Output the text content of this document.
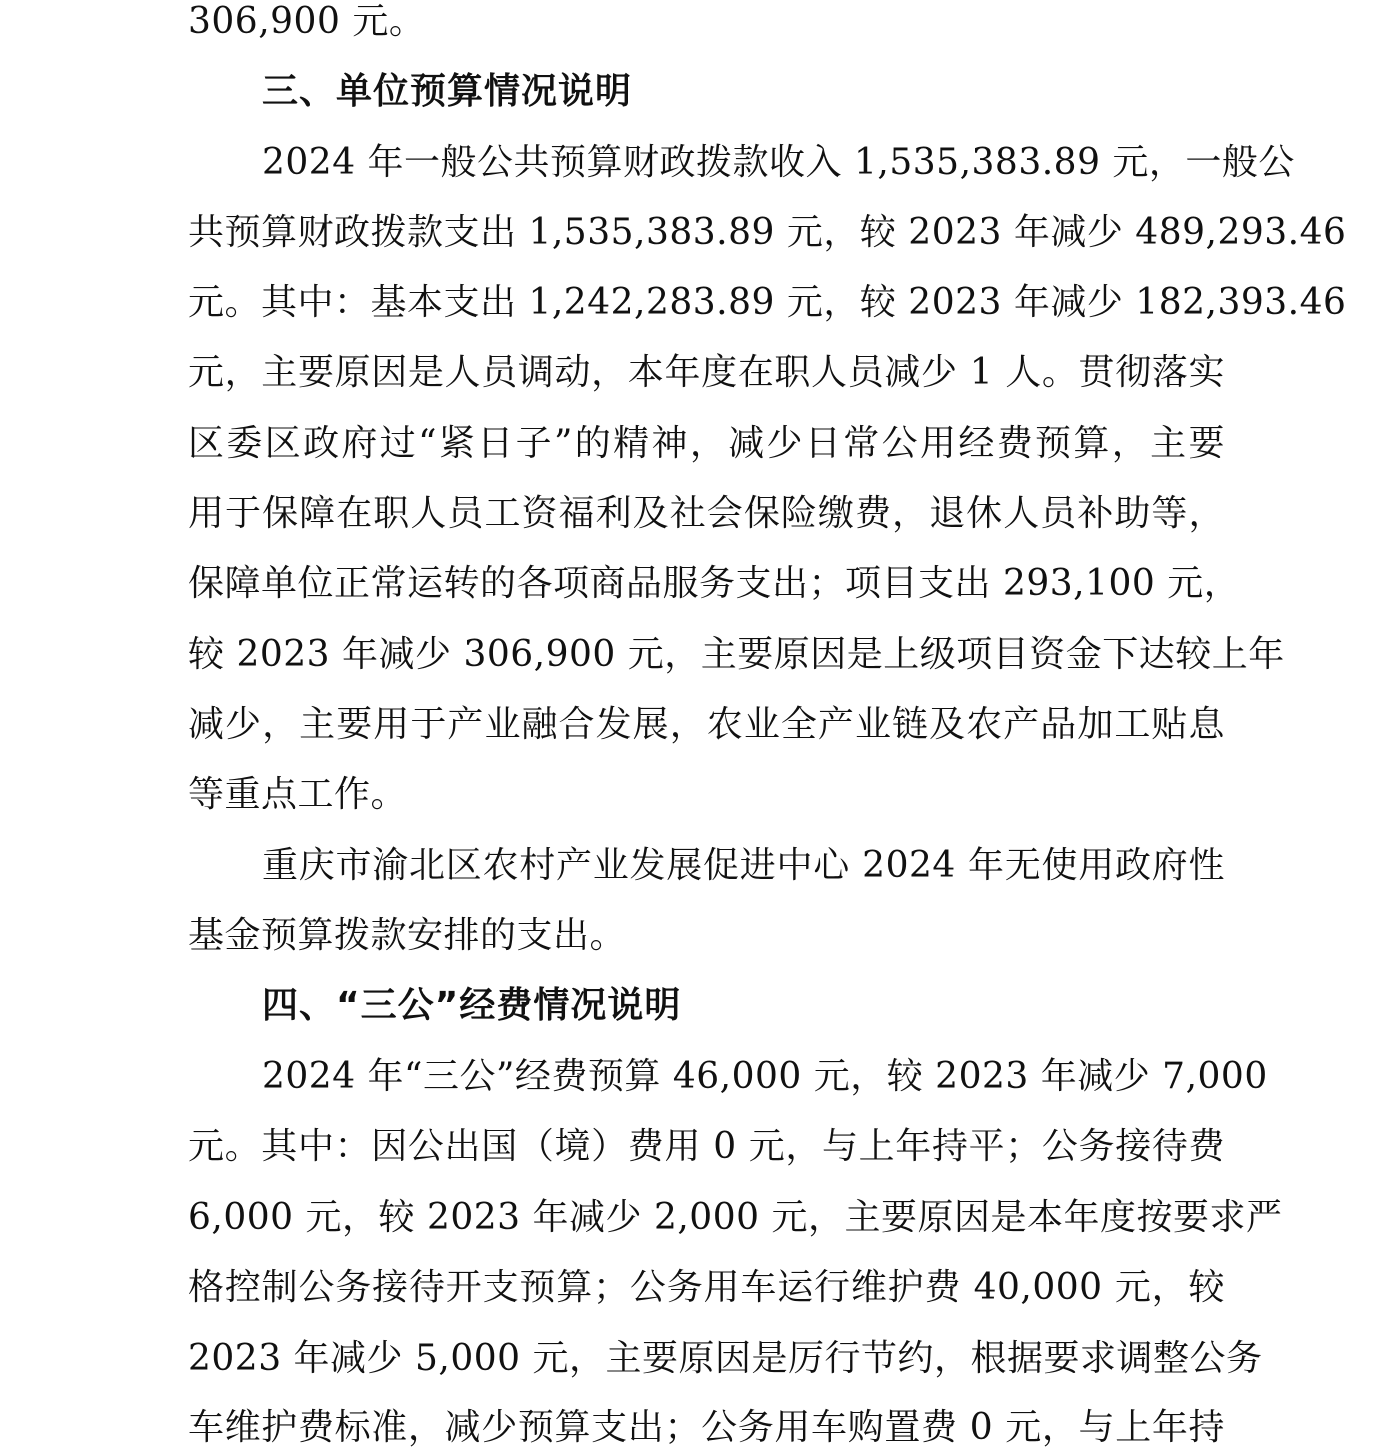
306,900 元。
三、单位预算情况说明
2024 年一般公共预算财政拨款收入 1,535,383.89 元，一般公
共预算财政拨款支出 1,535,383.89 元，较 2023 年减少 489,293.46
元。其中：基本支出 1,242,283.89 元，较 2023 年减少 182,393.46
元，主要原因是人员调动，本年度在职人员减少 1 人。贯彻落实
区委区政府过“紧日子”的精神，减少日常公用经费预算，主要
用于保障在职人员工资福利及社会保险缴费，退休人员补助等，
保障单位正常运转的各项商品服务支出；项目支出 293,100 元，
较 2023 年减少 306,900 元，主要原因是上级项目资金下达较上年
减少，主要用于产业融合发展，农业全产业链及农产品加工贴息
等重点工作。
重庆市渝北区农村产业发展促进中心 2024 年无使用政府性
基金预算拨款安排的支出。
四、“三公”经费情况说明
2024 年“三公”经费预算 46,000 元，较 2023 年减少 7,000
元。其中：因公出国（境）费用 0 元，与上年持平；公务接待费
6,000 元，较 2023 年减少 2,000 元，主要原因是本年度按要求严
格控制公务接待开支预算；公务用车运行维护费 40,000 元，较
2023 年减少 5,000 元，主要原因是厉行节约，根据要求调整公务
车维护费标准，减少预算支出；公务用车购置费 0 元，与上年持
